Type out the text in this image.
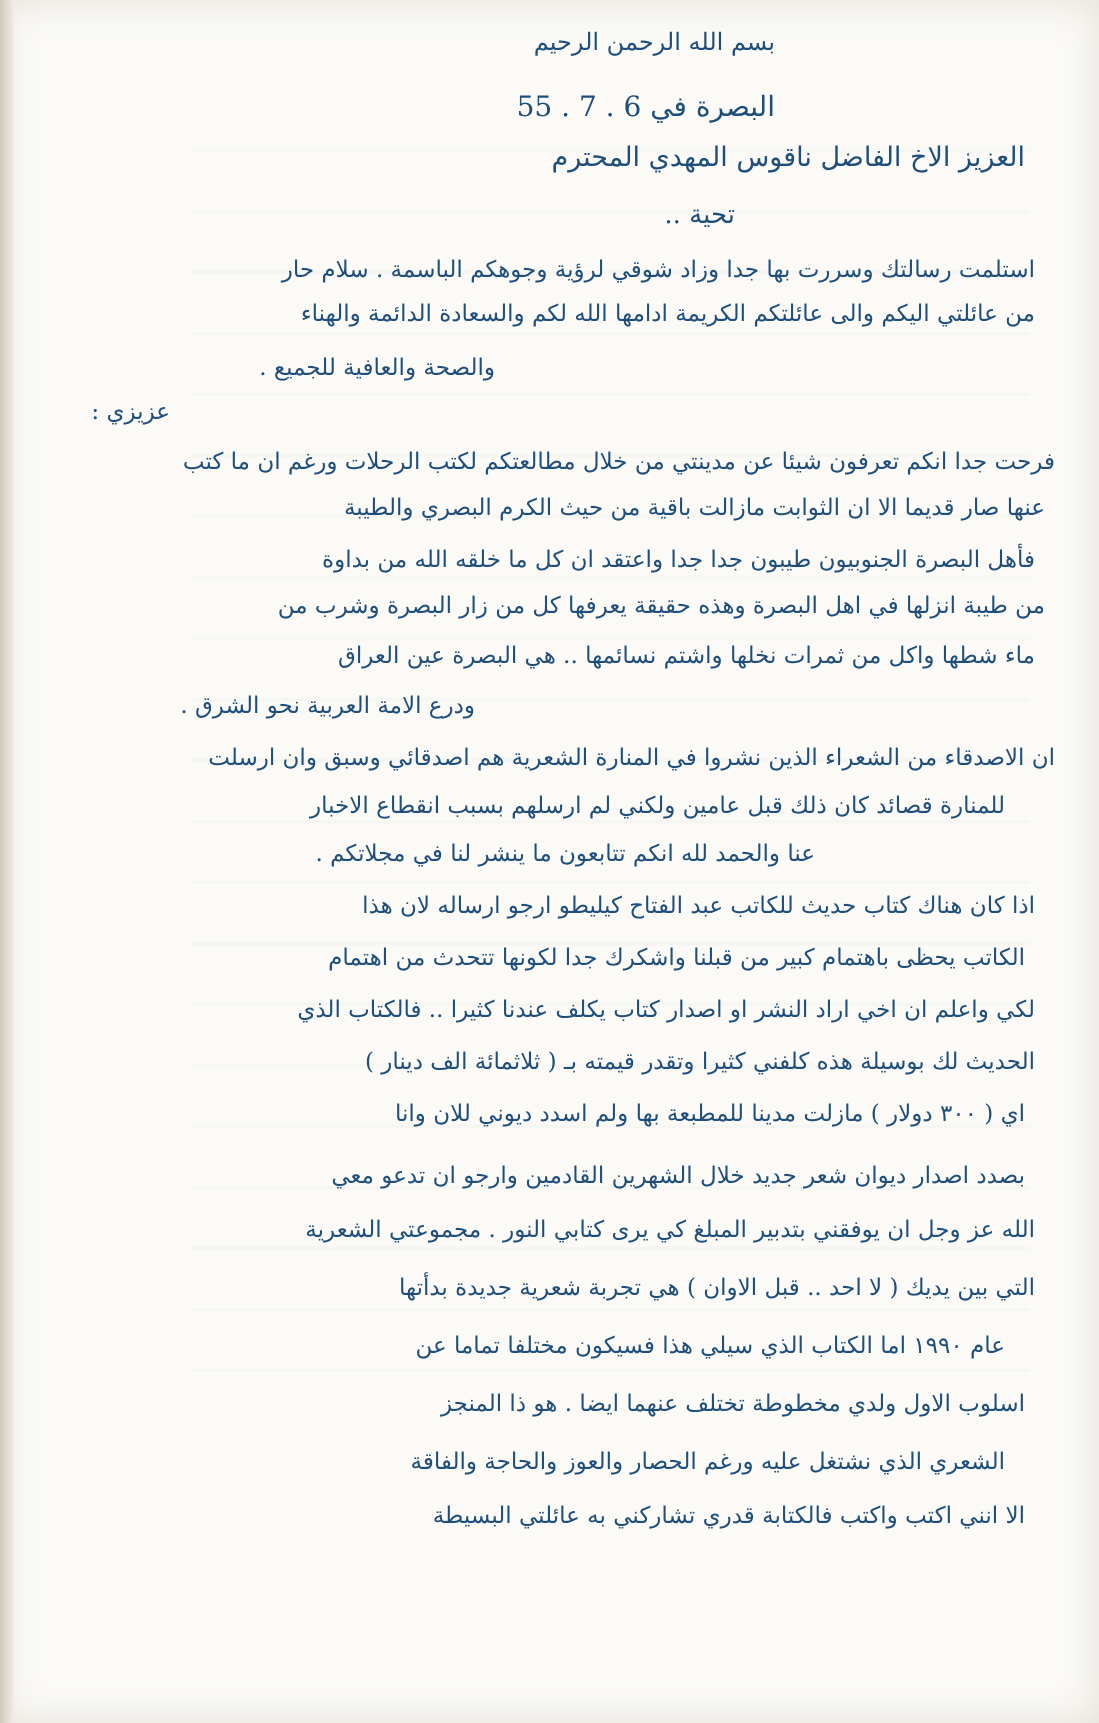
بسم الله الرحمن الرحيم
البصرة في 6 . 7 . 55
العزيز الاخ الفاضل ناقوس المهدي المحترم
تحية ..
استلمت رسالتك وسررت بها جدا وزاد شوقي لرؤية وجوهكم الباسمة . سلام حار
من عائلتي اليكم والى عائلتكم الكريمة ادامها الله لكم والسعادة الدائمة والهناء
والصحة والعافية للجميع .
عزيزي :
فرحت جدا انكم تعرفون شيئا عن مدينتي من خلال مطالعتكم لكتب الرحلات ورغم ان ما كتب
عنها صار قديما الا ان الثوابت مازالت باقية من حيث الكرم البصري والطيبة
فأهل البصرة الجنوبيون طيبون جدا جدا واعتقد ان كل ما خلقه الله من بداوة
من طيبة انزلها في اهل البصرة وهذه حقيقة يعرفها كل من زار البصرة وشرب من
ماء شطها واكل من ثمرات نخلها واشتم نسائمها .. هي البصرة عين العراق
ودرع الامة العربية نحو الشرق .
ان الاصدقاء من الشعراء الذين نشروا في المنارة الشعرية هم اصدقائي وسبق وان ارسلت
للمنارة قصائد كان ذلك قبل عامين ولكني لم ارسلهم بسبب انقطاع الاخبار
عنا والحمد لله انكم تتابعون ما ينشر لنا في مجلاتكم .
اذا كان هناك كتاب حديث للكاتب عبد الفتاح كيليطو ارجو ارساله لان هذا
الكاتب يحظى باهتمام كبير من قبلنا واشكرك جدا لكونها تتحدث من اهتمام
لكي واعلم ان اخي اراد النشر او اصدار كتاب يكلف عندنا كثيرا .. فالكتاب الذي
الحديث لك بوسيلة هذه كلفني كثيرا وتقدر قيمته بـ ( ثلاثمائة الف دينار )
اي ( ٣٠٠ دولار ) مازلت مدينا للمطبعة بها ولم اسدد ديوني للان وانا
بصدد اصدار ديوان شعر جديد خلال الشهرين القادمين وارجو ان تدعو معي
الله عز وجل ان يوفقني بتدبير المبلغ كي يرى كتابي النور . مجموعتي الشعرية
التي بين يديك ( لا احد .. قبل الاوان ) هي تجربة شعرية جديدة بدأتها
عام ١٩٩٠ اما الكتاب الذي سيلي هذا فسيكون مختلفا تماما عن
اسلوب الاول ولدي مخطوطة تختلف عنهما ايضا . هو ذا المنجز
الشعري الذي نشتغل عليه ورغم الحصار والعوز والحاجة والفاقة
الا انني اكتب واكتب فالكتابة قدري تشاركني به عائلتي البسيطة
